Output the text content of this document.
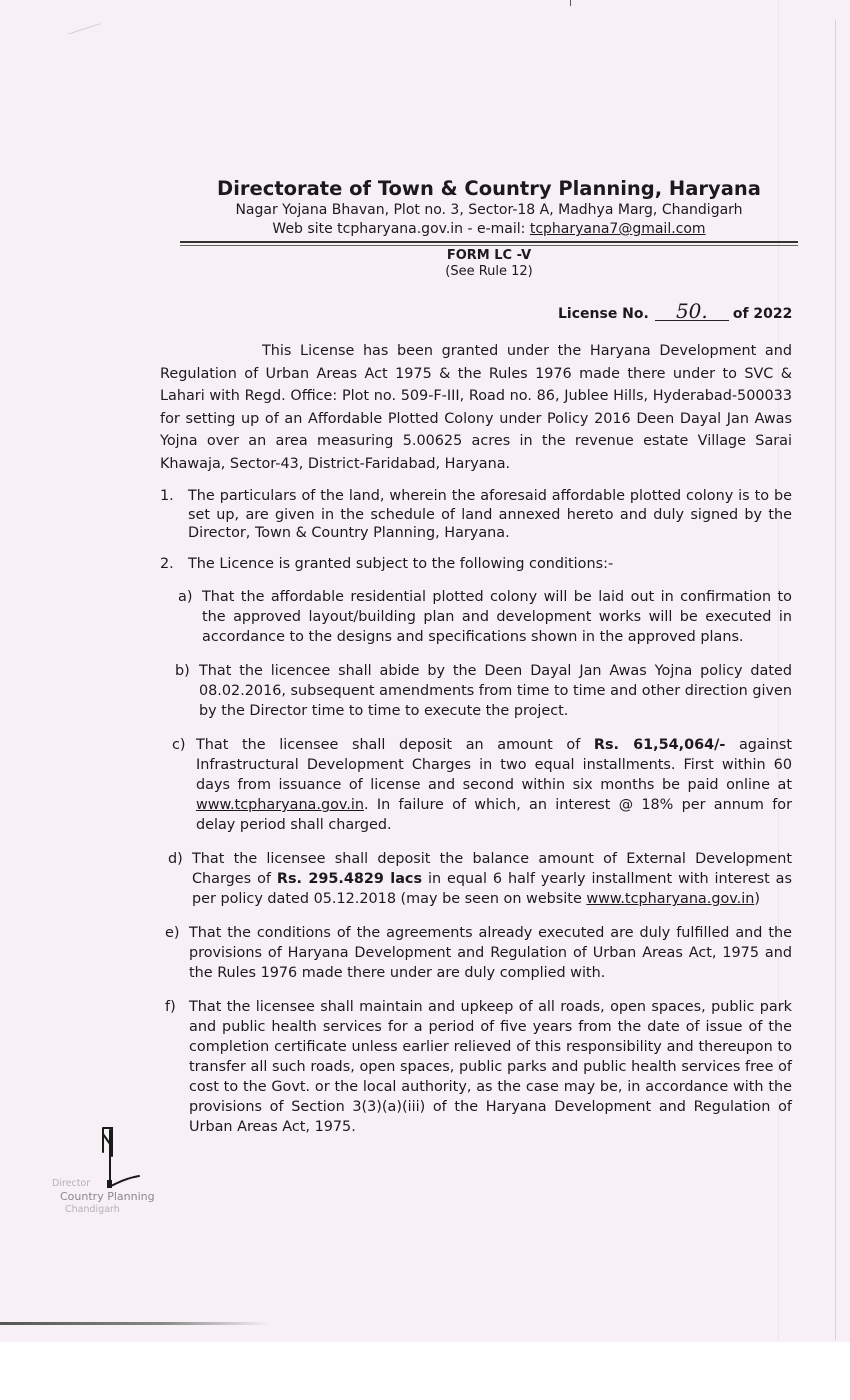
Directorate of Town & Country Planning, Haryana
Nagar Yojana Bhavan, Plot no. 3, Sector-18 A, Madhya Marg, Chandigarh
Web site tcpharyana.gov.in - e-mail: tcpharyana7@gmail.com
FORM LC -V
(See Rule 12)
License No. 50. of 2022
This License has been granted under the Haryana Development and Regulation of Urban Areas Act 1975 & the Rules 1976 made there under to SVC & Lahari with Regd. Office: Plot no. 509-F-III, Road no. 86, Jublee Hills, Hyderabad-500033 for setting up of an Affordable Plotted Colony under Policy 2016 Deen Dayal Jan Awas Yojna over an area measuring 5.00625 acres in the revenue estate Village Sarai Khawaja, Sector-43, District-Faridabad, Haryana.
1. The particulars of the land, wherein the aforesaid affordable plotted colony is to be set up, are given in the schedule of land annexed hereto and duly signed by the Director, Town & Country Planning, Haryana.
2. The Licence is granted subject to the following conditions:-
a) That the affordable residential plotted colony will be laid out in confirmation to the approved layout/building plan and development works will be executed in accordance to the designs and specifications shown in the approved plans.
b) That the licencee shall abide by the Deen Dayal Jan Awas Yojna policy dated 08.02.2016, subsequent amendments from time to time and other direction given by the Director time to time to execute the project.
c) That the licensee shall deposit an amount of Rs. 61,54,064/- against Infrastructural Development Charges in two equal installments. First within 60 days from issuance of license and second within six months be paid online at www.tcpharyana.gov.in. In failure of which, an interest @ 18% per annum for delay period shall charged.
d) That the licensee shall deposit the balance amount of External Development Charges of Rs. 295.4829 lacs in equal 6 half yearly installment with interest as per policy dated 05.12.2018 (may be seen on website www.tcpharyana.gov.in)
e) That the conditions of the agreements already executed are duly fulfilled and the provisions of Haryana Development and Regulation of Urban Areas Act, 1975 and the Rules 1976 made there under are duly complied with.
f) That the licensee shall maintain and upkeep of all roads, open spaces, public park and public health services for a period of five years from the date of issue of the completion certificate unless earlier relieved of this responsibility and thereupon to transfer all such roads, open spaces, public parks and public health services free of cost to the Govt. or the local authority, as the case may be, in accordance with the provisions of Section 3(3)(a)(iii) of the Haryana Development and Regulation of Urban Areas Act, 1975.
Director
Country Planning
Chandigarh
